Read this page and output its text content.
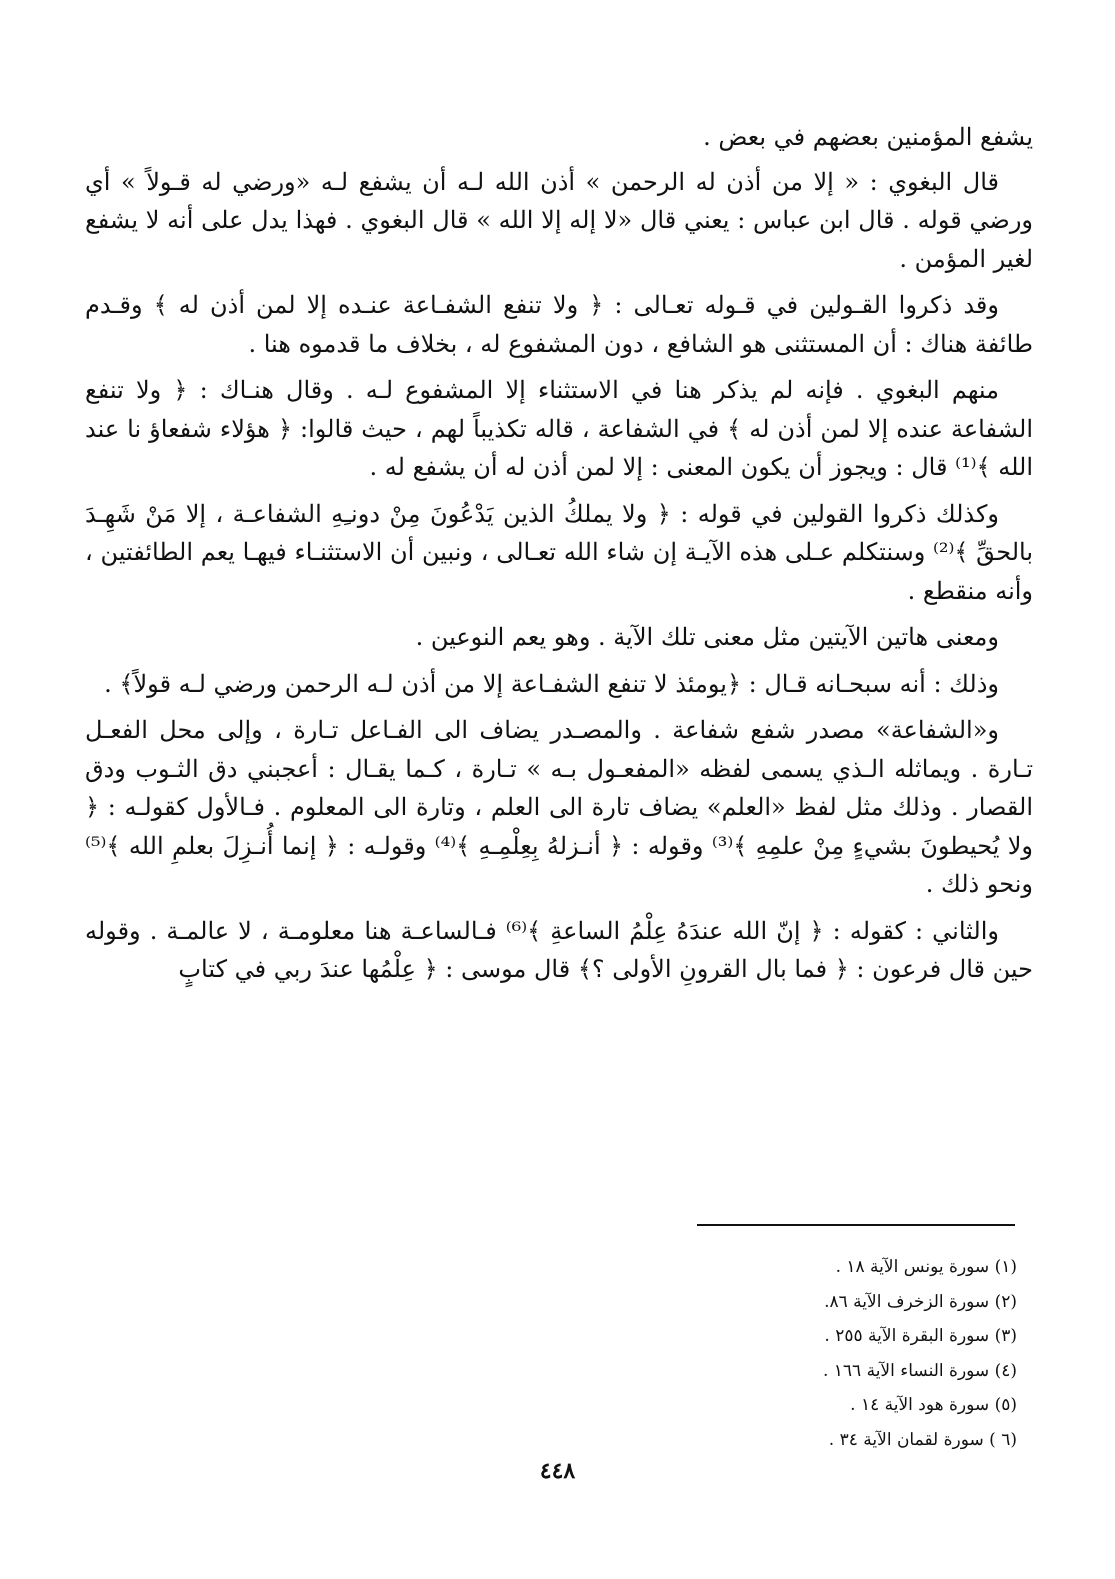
يشفع المؤمنين بعضهم في بعض .

قال البغوي : « إلا من أذن له الرحمن » أذن الله لـه أن يشفع لـه «ورضي له قـولاً » أي ورضي قوله . قال ابن عباس : يعني قال «لا إله إلا الله » قال البغوي . فهذا يدل على أنه لا يشفع لغير المؤمن .

وقد ذكروا القـولين في قـوله تعـالى : ﴿ ولا تنفع الشفـاعة عنـده إلا لمن أذن له ﴾ وقـدم طائفة هناك : أن المستثنى هو الشافع ، دون المشفوع له ، بخلاف ما قدموه هنا .

منهم البغوي . فإنه لم يذكر هنا في الاستثناء إلا المشفوع لـه . وقال هنـاك : ﴿ ولا تنفع الشفاعة عنده إلا لمن أذن له ﴾ في الشفاعة ، قاله تكذيباً لهم ، حيث قالوا: ﴿ هؤلاء شفعاؤ نا عند الله ﴾⁽¹⁾ قال : ويجوز أن يكون المعنى : إلا لمن أذن له أن يشفع له .

وكذلك ذكروا القولين في قوله : ﴿ ولا يملكُ الذين يَدْعُونَ مِنْ دونـِهِ الشفاعـة ، إلا مَنْ شَهِـدَ بالحقِّ ﴾⁽²⁾ وسنتكلم عـلى هذه الآيـة إن شاء الله تعـالى ، ونبين أن الاستثنـاء فيهـا يعم الطائفتين ، وأنه منقطع .

ومعنى هاتين الآيتين مثل معنى تلك الآية . وهو يعم النوعين .

وذلك : أنه سبحـانه قـال : ﴿يومئذ لا تنفع الشفـاعة إلا من أذن لـه الرحمن ورضي لـه قولاً﴾ .

و«الشفاعة» مصدر شفع شفاعة . والمصـدر يضاف الى الفـاعل تـارة ، وإلى محل الفعـل تـارة . ويماثله الـذي يسمى لفظه «المفعـول بـه » تـارة ، كـما يقـال : أعجبني دق الثـوب ودق القصار . وذلك مثل لفظ «العلم» يضاف تارة الى العلم ، وتارة الى المعلوم . فـالأول كقولـه : ﴿ ولا يُحيطونَ بشيءٍ مِنْ علمِهِ ﴾⁽³⁾ وقوله : ﴿ أنـزلهُ بِعِلْمِـهِ ﴾⁽⁴⁾ وقولـه : ﴿ إنما أُنـزِلَ بعلمِ الله ﴾⁽⁵⁾ ونحو ذلك .

والثاني : كقوله : ﴿ إنّ الله عندَهُ عِلْمُ الساعةِ ﴾⁽⁶⁾ فـالساعـة هنا معلومـة ، لا عالمـة . وقوله حين قال فرعون : ﴿ فما بال القرونِ الأولى ؟﴾ قال موسى : ﴿ عِلْمُها عندَ ربي في كتابٍ

(١) سورة يونس الآية ١٨ .

(٢) سورة الزخرف الآية ٨٦.

(٣) سورة البقرة الآية ٢٥٥ .

(٤) سورة النساء الآية ١٦٦ .

(٥) سورة هود الآية ١٤ .

(٦ ) سورة لقمان الآية ٣٤ .

٤٤٨
